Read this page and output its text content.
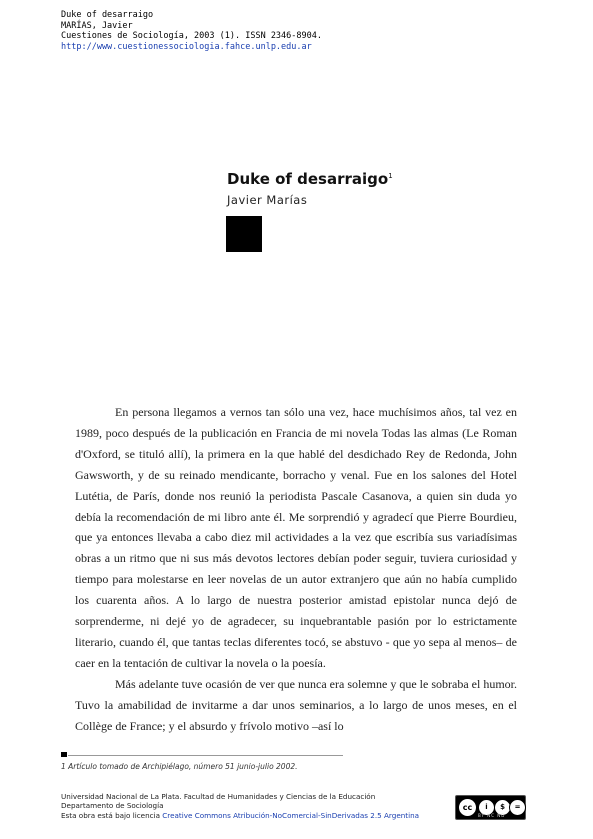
Duke of desarraigo
MARÍAS, Javier
Cuestiones de Sociología, 2003 (1). ISSN 2346-8904.
http://www.cuestionessociologia.fahce.unlp.edu.ar
Duke of desarraigo$^1$
Javier Marías

En persona llegamos a vernos tan sólo una vez, hace muchísimos años, tal vez en 1989, poco después de la publicación en Francia de mi novela Todas las almas (Le Roman d'Oxford, se tituló allí), la primera en la que hablé del desdichado Rey de Redonda, John Gawsworth, y de su reinado mendicante, borracho y venal. Fue en los salones del Hotel Lutétia, de París, donde nos reunió la periodista Pascale Casanova, a quien sin duda yo debía la recomendación de mi libro ante él. Me sorprendió y agradecí que Pierre Bourdieu, que ya entonces llevaba a cabo diez mil actividades a la vez que escribía sus variadísimas obras a un ritmo que ni sus más devotos lectores debían poder seguir, tuviera curiosidad y tiempo para molestarse en leer novelas de un autor extranjero que aún no había cumplido los cuarenta años. A lo largo de nuestra posterior amistad epistolar nunca dejó de sorprenderme, ni dejé yo de agradecer, su inquebrantable pasión por lo estrictamente literario, cuando él, que tantas teclas diferentes tocó, se abstuvo - que yo sepa al menos– de caer en la tentación de cultivar la novela o la poesía.

Más adelante tuve ocasión de ver que nunca era solemne y que le sobraba el humor. Tuvo la amabilidad de invitarme a dar unos seminarios, a lo largo de unos meses, en el Collège de France; y el absurdo y frívolo motivo –así lo

1 Artículo tomado de Archipiélago, número 51 junio-julio 2002.
Universidad Nacional de La Plata. Facultad de Humanidades y Ciencias de la Educación
Departamento de Sociología
Esta obra está bajo licencia Creative Commons Atribución-NoComercial-SinDerivadas 2.5 Argentina
cc	i	$	=
BY NC ND
